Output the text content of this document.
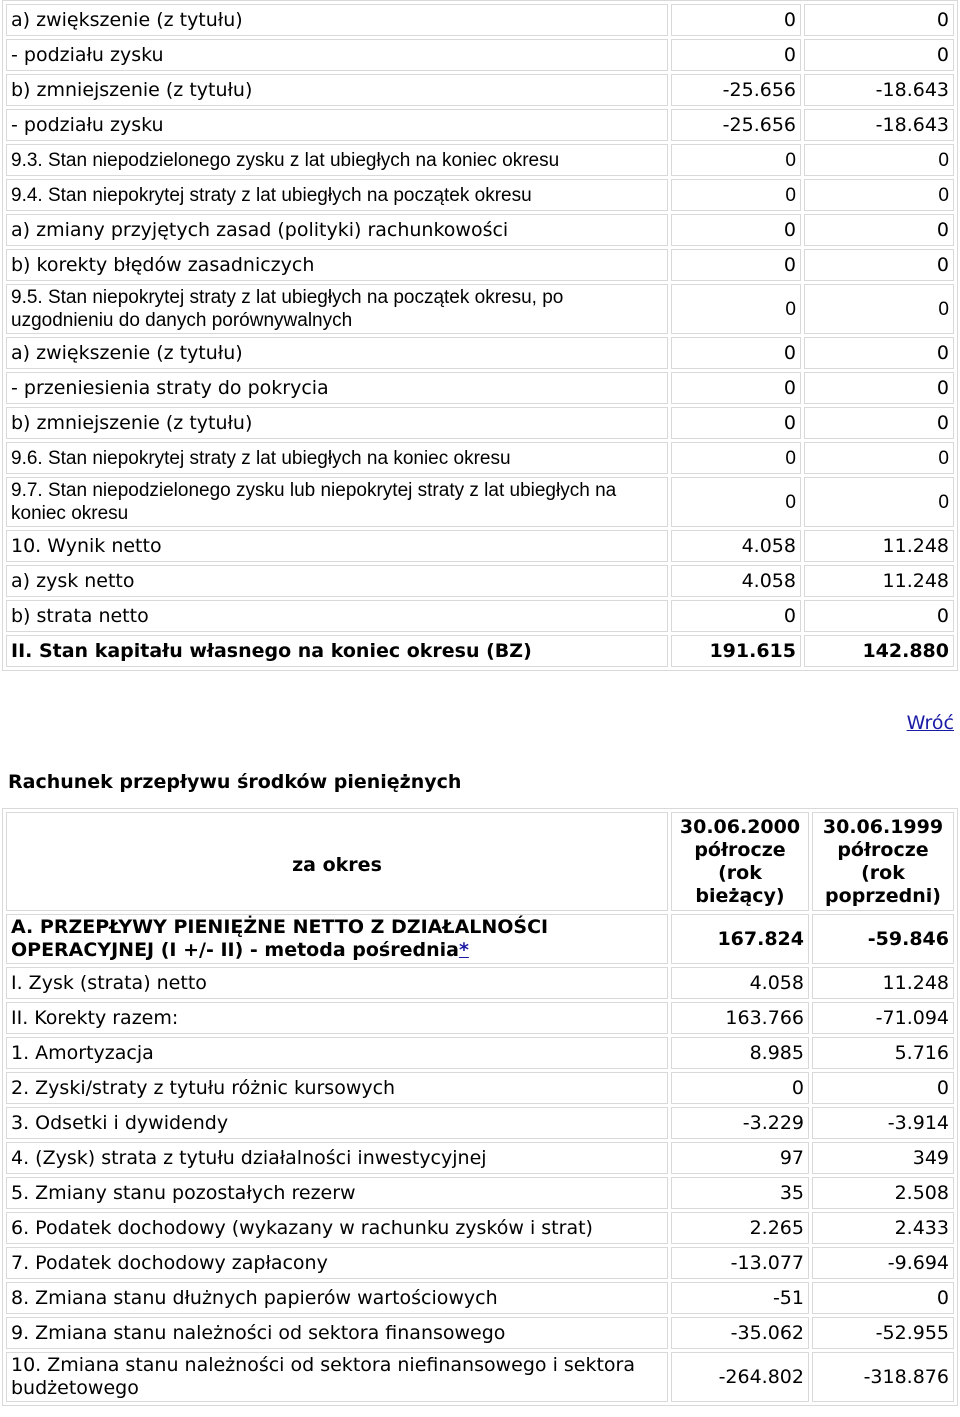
a) zwiększenie (z tytułu)	0	0
- podziału zysku	0	0
b) zmniejszenie (z tytułu)	-25.656	-18.643
- podziału zysku	-25.656	-18.643
9.3. Stan niepodzielonego zysku z lat ubiegłych na koniec okresu	0	0
9.4. Stan niepokrytej straty z lat ubiegłych na początek okresu	0	0
a) zmiany przyjętych zasad (polityki) rachunkowości	0	0
b) korekty błędów zasadniczych	0	0
9.5. Stan niepokrytej straty z lat ubiegłych na początek okresu, po uzgodnieniu do danych porównywalnych	0	0
a) zwiększenie (z tytułu)	0	0
- przeniesienia straty do pokrycia	0	0
b) zmniejszenie (z tytułu)	0	0
9.6. Stan niepokrytej straty z lat ubiegłych na koniec okresu	0	0
9.7. Stan niepodzielonego zysku lub niepokrytej straty z lat ubiegłych na koniec okresu	0	0
10. Wynik netto	4.058	11.248
a) zysk netto	4.058	11.248
b) strata netto	0	0
II. Stan kapitału własnego na koniec okresu (BZ)	191.615	142.880
Wróć
Rachunek przepływu środków pieniężnych
za okres	30.06.2000 półrocze (rok bieżący)	30.06.1999 półrocze (rok poprzedni)
A. PRZEPŁYWY PIENIĘŻNE NETTO Z DZIAŁALNOŚCI OPERACYJNEJ (I +/- II) - metoda pośrednia*	167.824	-59.846
I. Zysk (strata) netto	4.058	11.248
II. Korekty razem:	163.766	-71.094
1. Amortyzacja	8.985	5.716
2. Zyski/straty z tytułu różnic kursowych	0	0
3. Odsetki i dywidendy	-3.229	-3.914
4. (Zysk) strata z tytułu działalności inwestycyjnej	97	349
5. Zmiany stanu pozostałych rezerw	35	2.508
6. Podatek dochodowy (wykazany w rachunku zysków i strat)	2.265	2.433
7. Podatek dochodowy zapłacony	-13.077	-9.694
8. Zmiana stanu dłużnych papierów wartościowych	-51	0
9. Zmiana stanu należności od sektora finansowego	-35.062	-52.955
10. Zmiana stanu należności od sektora niefinansowego i sektora budżetowego	-264.802	-318.876
